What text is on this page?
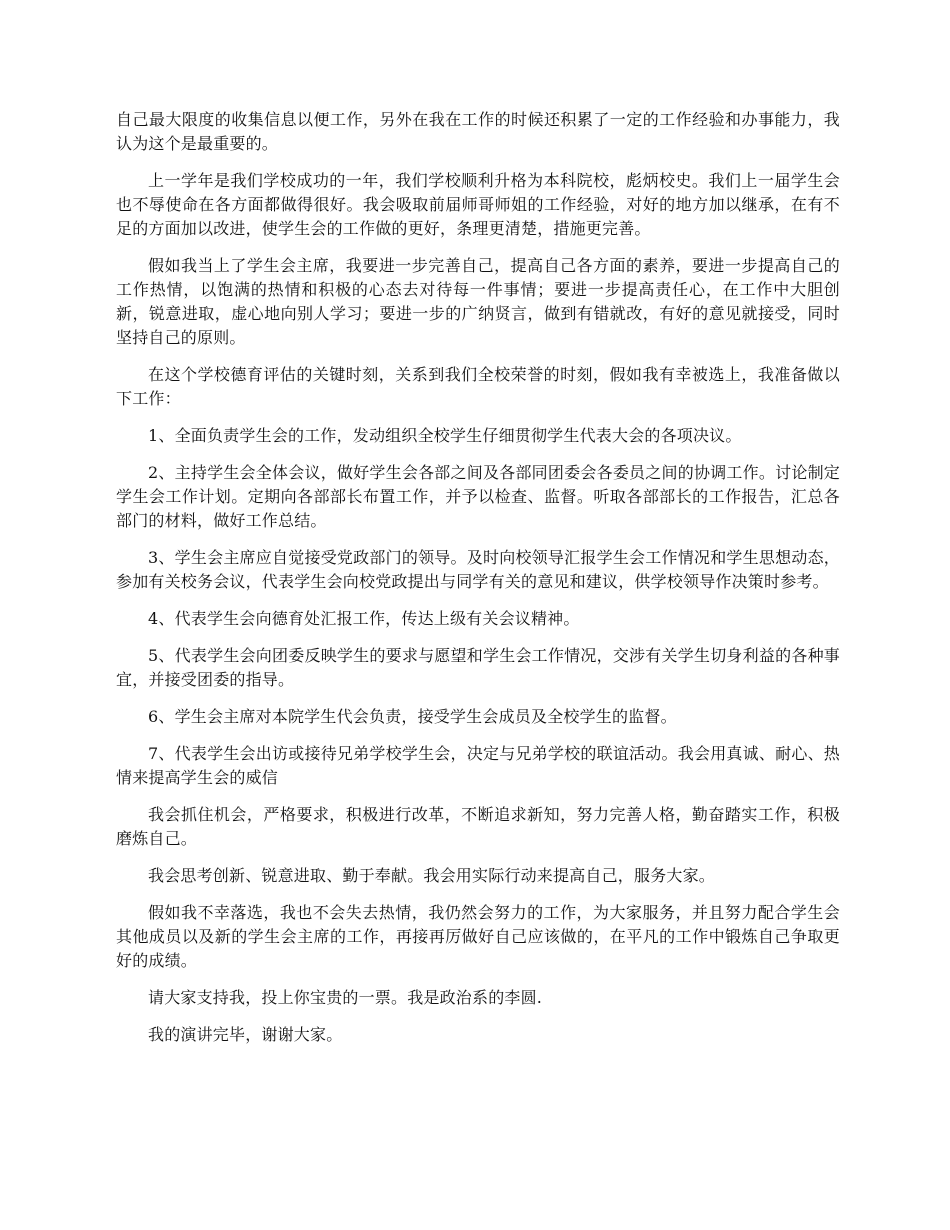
自己最大限度的收集信息以便工作，另外在我在工作的时候还积累了一定的工作经验和办事能力，我认为这个是最重要的。

上一学年是我们学校成功的一年，我们学校顺利升格为本科院校，彪炳校史。我们上一届学生会也不辱使命在各方面都做得很好。我会吸取前届师哥师姐的工作经验，对好的地方加以继承，在有不足的方面加以改进，使学生会的工作做的更好，条理更清楚，措施更完善。

假如我当上了学生会主席，我要进一步完善自己，提高自己各方面的素养，要进一步提高自己的工作热情，以饱满的热情和积极的心态去对待每一件事情；要进一步提高责任心，在工作中大胆创新，锐意进取，虚心地向别人学习；要进一步的广纳贤言，做到有错就改，有好的意见就接受，同时坚持自己的原则。

在这个学校德育评估的关键时刻，关系到我们全校荣誉的时刻，假如我有幸被选上，我准备做以下工作：

1、全面负责学生会的工作，发动组织全校学生仔细贯彻学生代表大会的各项决议。

2、主持学生会全体会议，做好学生会各部之间及各部同团委会各委员之间的协调工作。讨论制定学生会工作计划。定期向各部部长布置工作，并予以检查、监督。听取各部部长的工作报告，汇总各部门的材料，做好工作总结。

3、学生会主席应自觉接受党政部门的领导。及时向校领导汇报学生会工作情况和学生思想动态，参加有关校务会议，代表学生会向校党政提出与同学有关的意见和建议，供学校领导作决策时参考。

4、代表学生会向德育处汇报工作，传达上级有关会议精神。

5、代表学生会向团委反映学生的要求与愿望和学生会工作情况，交涉有关学生切身利益的各种事宜，并接受团委的指导。

6、学生会主席对本院学生代会负责，接受学生会成员及全校学生的监督。

7、代表学生会出访或接待兄弟学校学生会，决定与兄弟学校的联谊活动。我会用真诚、耐心、热情来提高学生会的威信

我会抓住机会，严格要求，积极进行改革，不断追求新知，努力完善人格，勤奋踏实工作，积极磨炼自己。

我会思考创新、锐意进取、勤于奉献。我会用实际行动来提高自己，服务大家。

假如我不幸落选，我也不会失去热情，我仍然会努力的工作，为大家服务，并且努力配合学生会其他成员以及新的学生会主席的工作，再接再厉做好自己应该做的，在平凡的工作中锻炼自己争取更好的成绩。

请大家支持我，投上你宝贵的一票。我是政治系的李圆.

我的演讲完毕，谢谢大家。
